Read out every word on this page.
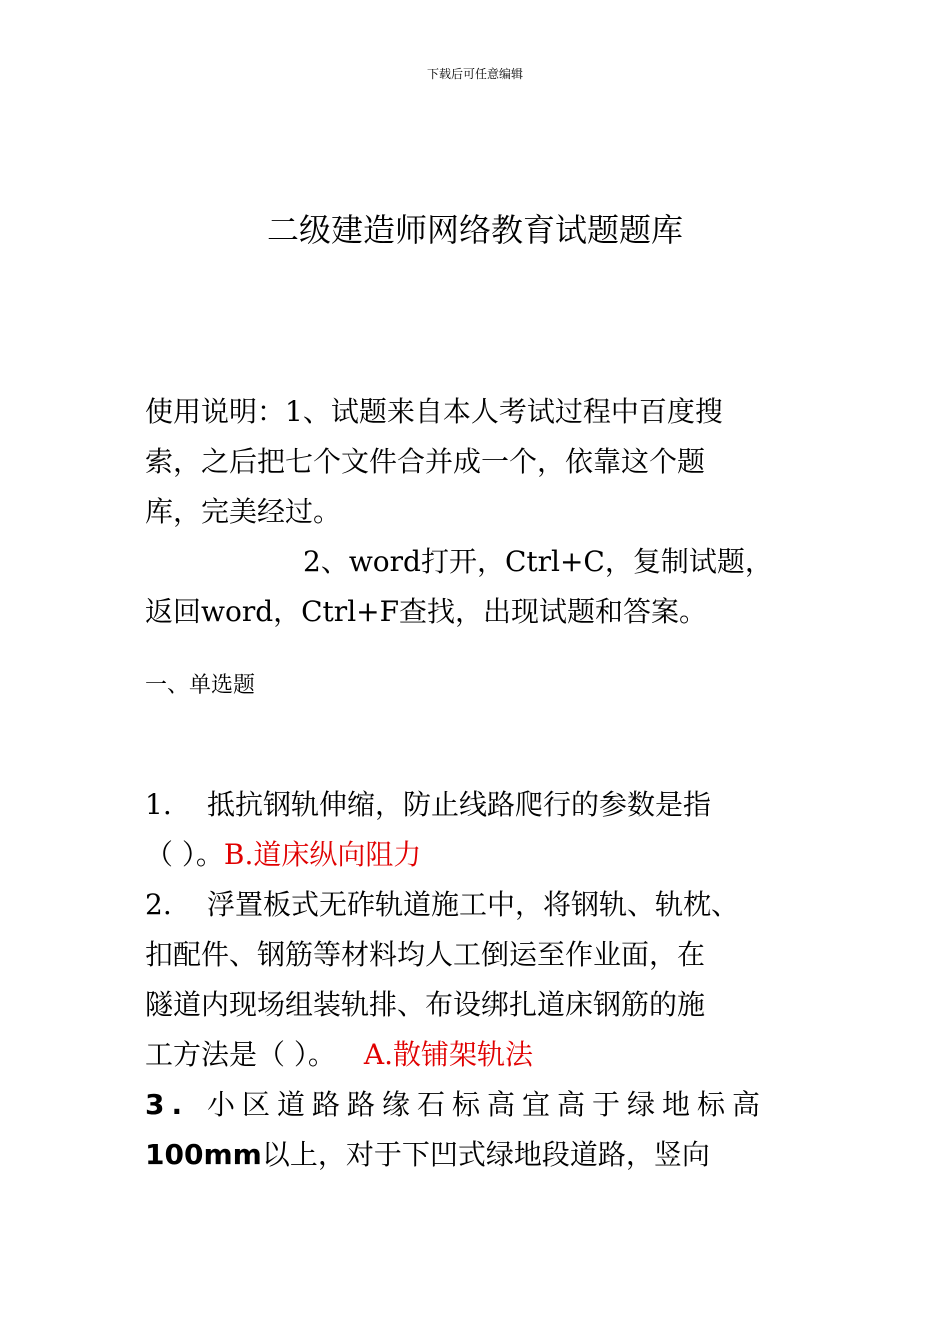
下载后可任意编辑
二级建造师网络教育试题题库
使用说明：1、试题来自本人考试过程中百度搜
索，之后把七个文件合并成一个，依靠这个题
库，完美经过。
2、word打开，Ctrl+C，复制试题，
返回word，Ctrl+F查找，出现试题和答案。
一、单选题
1. 抵抗钢轨伸缩，防止线路爬行的参数是指
（ ）。B.道床纵向阻力
2. 浮置板式无砟轨道施工中，将钢轨、轨枕、
扣配件、钢筋等材料均人工倒运至作业面，在
隧道内现场组装轨排、布设绑扎道床钢筋的施
工方法是（ ）。 A.散铺架轨法
3. 小区道路路缘石标高宜高于绿地标高
100mm以上，对于下凹式绿地段道路，竖向
